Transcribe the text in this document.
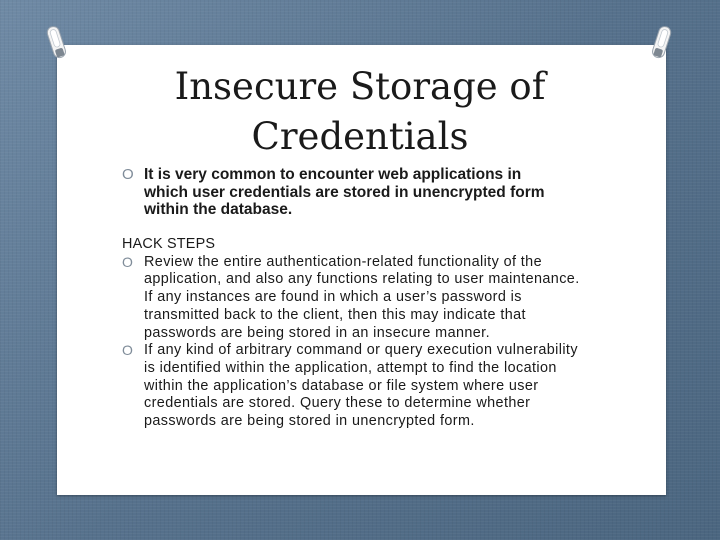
Insecure Storage of Credentials
O It is very common to encounter web applications in which user credentials are stored in unencrypted form within the database.
HACK STEPS
O Review the entire authentication-related functionality of the application, and also any functions relating to user maintenance. If any instances are found in which a user’s password is transmitted back to the client, then this may indicate that passwords are being stored in an insecure manner.
O If any kind of arbitrary command or query execution vulnerability is identified within the application, attempt to find the location within the application’s database or file system where user credentials are stored. Query these to determine whether passwords are being stored in unencrypted form.
